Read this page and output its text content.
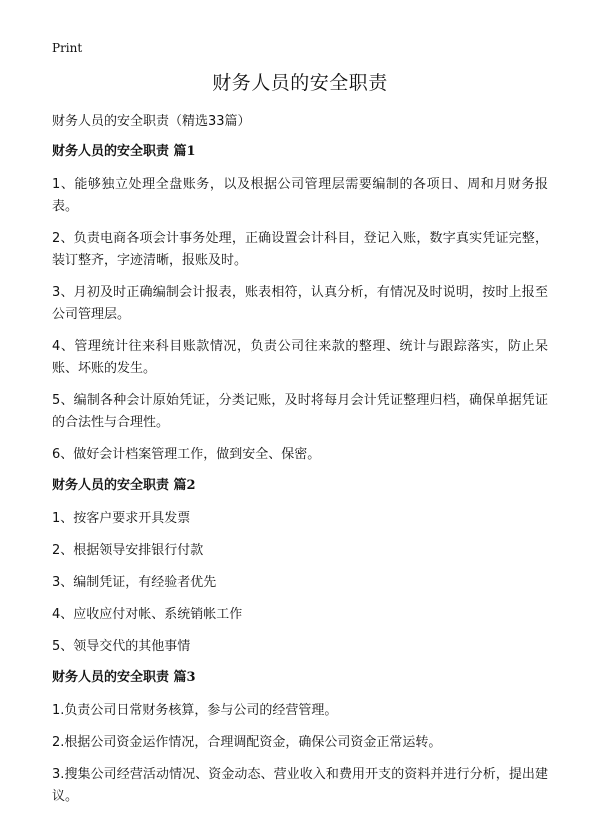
Print
财务人员的安全职责
财务人员的安全职责（精选33篇）
财务人员的安全职责 篇1
1、能够独立处理全盘账务，以及根据公司管理层需要编制的各项日、周和月财务报表。
2、负责电商各项会计事务处理，正确设置会计科目，登记入账，数字真实凭证完整，装订整齐，字迹清晰，报账及时。
3、月初及时正确编制会计报表，账表相符，认真分析，有情况及时说明，按时上报至公司管理层。
4、管理统计往来科目账款情况，负责公司往来款的整理、统计与跟踪落实，防止呆账、坏账的发生。
5、编制各种会计原始凭证，分类记账，及时将每月会计凭证整理归档，确保单据凭证的合法性与合理性。
6、做好会计档案管理工作，做到安全、保密。
财务人员的安全职责 篇2
1、按客户要求开具发票
2、根据领导安排银行付款
3、编制凭证，有经验者优先
4、应收应付对帐、系统销帐工作
5、领导交代的其他事情
财务人员的安全职责 篇3
1.负责公司日常财务核算，参与公司的经营管理。
2.根据公司资金运作情况，合理调配资金，确保公司资金正常运转。
3.搜集公司经营活动情况、资金动态、营业收入和费用开支的资料并进行分析，提出建议。
